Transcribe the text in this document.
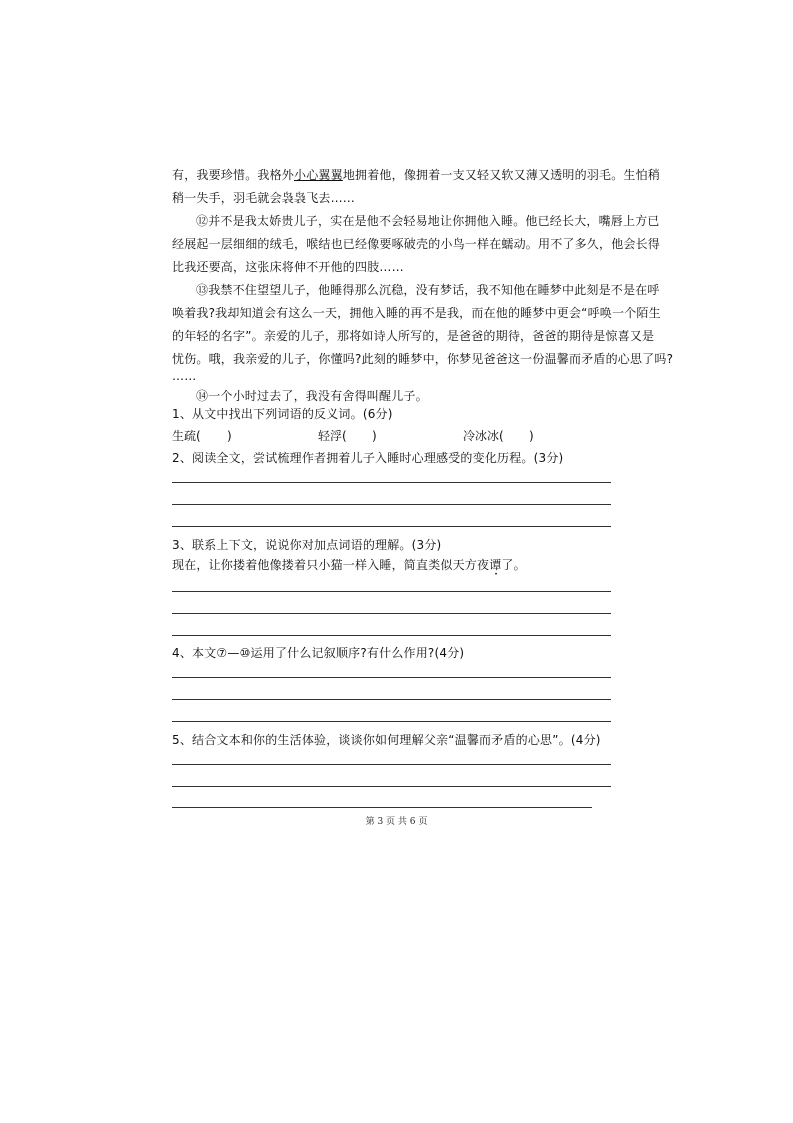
有，我要珍惜。我格外小心翼翼地拥着他，像拥着一支又轻又软又薄又透明的羽毛。生怕稍
稍一失手，羽毛就会袅袅飞去……
⑫并不是我太娇贵儿子，实在是他不会轻易地让你拥他入睡。他已经长大，嘴唇上方已
经展起一层细细的绒毛，喉结也已经像要啄破壳的小鸟一样在蠕动。用不了多久，他会长得
比我还要高，这张床将伸不开他的四肢……
⑬我禁不住望望儿子，他睡得那么沉稳，没有梦话，我不知他在睡梦中此刻是不是在呼
唤着我?我却知道会有这么一天，拥他入睡的再不是我，而在他的睡梦中更会“呼唤一个陌生
的年轻的名字”。亲爱的儿子，那将如诗人所写的，是爸爸的期待，爸爸的期待是惊喜又是
忧伤。哦，我亲爱的儿子，你懂吗?此刻的睡梦中，你梦见爸爸这一份温馨而矛盾的心思了吗?
……
⑭一个小时过去了，我没有舍得叫醒儿子。
1、从文中找出下列词语的反义词。(6分)
生疏( )	轻浮( )	冷冰冰( )
2、阅读全文，尝试梳理作者拥着儿子入睡时心理感受的变化历程。(3分)
3、联系上下文，说说你对加点词语的理解。(3分)
现在，让你搂着他像搂着只小猫一样入睡，简直类似天方夜谭
•
了。
4、本文⑦—⑩运用了什么记叙顺序?有什么作用?(4分)
5、结合文本和你的生活体验，谈谈你如何理解父亲“温馨而矛盾的心思”。(4分)
第 3 页 共 6 页
